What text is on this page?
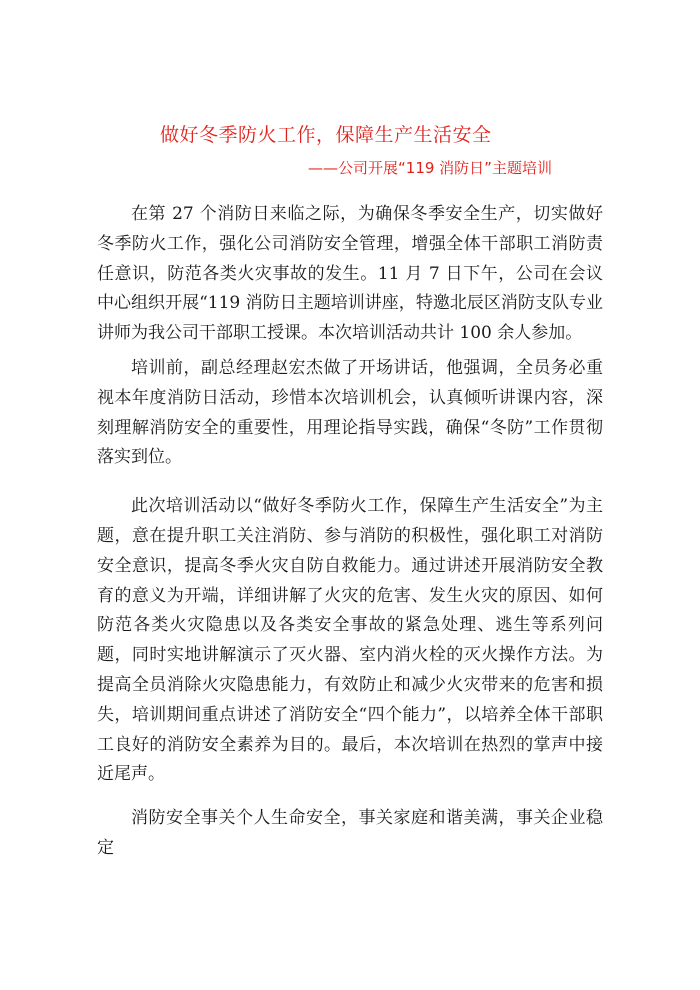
做好冬季防火工作，保障生产生活安全
——公司开展“119 消防日”主题培训

在第 27 个消防日来临之际，为确保冬季安全生产，切实做好冬季防火工作，强化公司消防安全管理，增强全体干部职工消防责任意识，防范各类火灾事故的发生。11 月 7 日下午，公司在会议中心组织开展“119 消防日主题培训讲座，特邀北辰区消防支队专业讲师为我公司干部职工授课。本次培训活动共计 100 余人参加。

培训前，副总经理赵宏杰做了开场讲话，他强调，全员务必重视本年度消防日活动，珍惜本次培训机会，认真倾听讲课内容，深刻理解消防安全的重要性，用理论指导实践，确保“冬防”工作贯彻落实到位。

此次培训活动以“做好冬季防火工作，保障生产生活安全”为主题，意在提升职工关注消防、参与消防的积极性，强化职工对消防安全意识，提高冬季火灾自防自救能力。通过讲述开展消防安全教育的意义为开端，详细讲解了火灾的危害、发生火灾的原因、如何防范各类火灾隐患以及各类安全事故的紧急处理、逃生等系列问题，同时实地讲解演示了灭火器、室内消火栓的灭火操作方法。为提高全员消除火灾隐患能力，有效防止和减少火灾带来的危害和损失，培训期间重点讲述了消防安全“四个能力”，以培养全体干部职工良好的消防安全素养为目的。最后，本次培训在热烈的掌声中接近尾声。

消防安全事关个人生命安全，事关家庭和谐美满，事关企业稳定
